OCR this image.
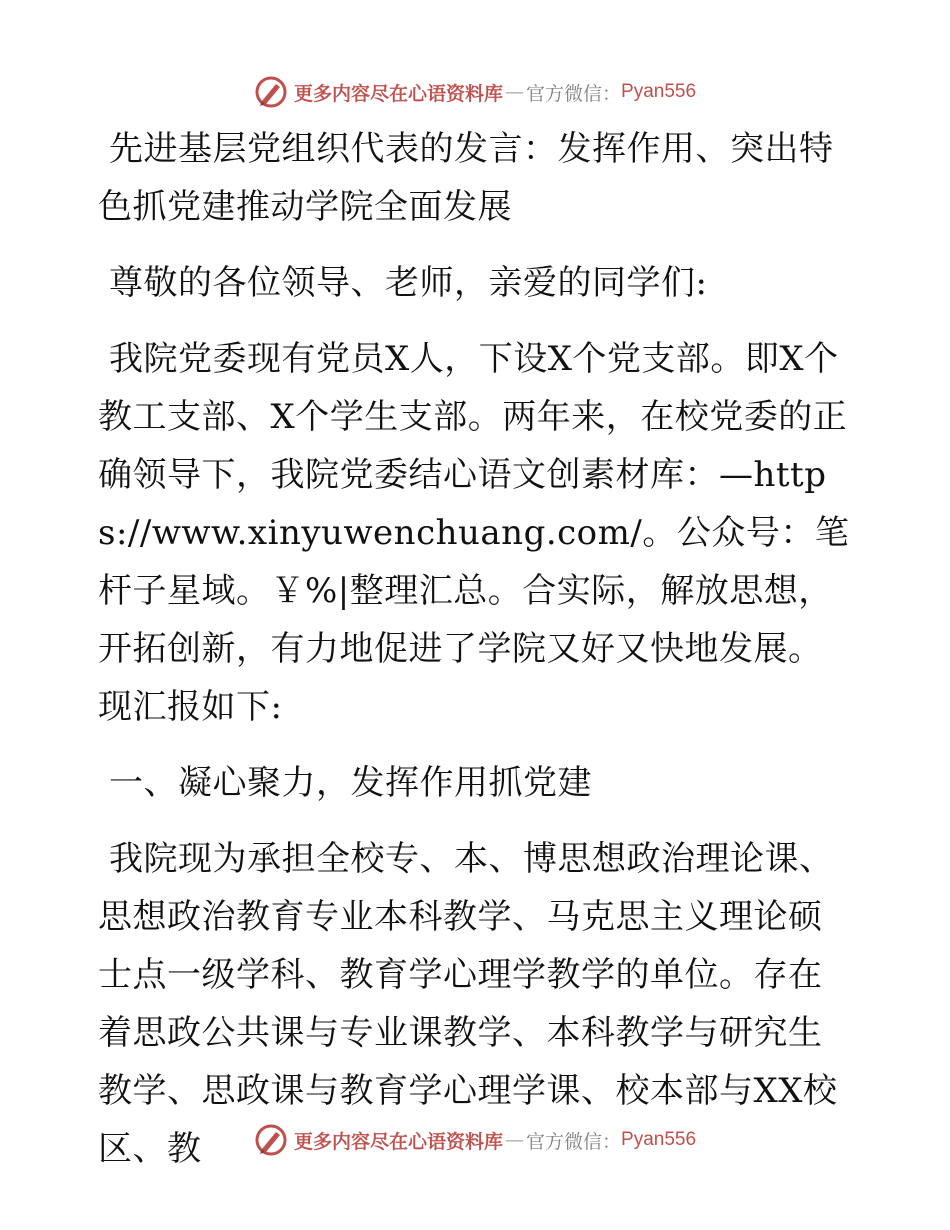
更多内容尽在心语资料库 — 官方微信 ： Pyan556

先进基层党组织代表的发言：发挥作用、突出特色抓党建推动学院全面发展

尊敬的各位领导、老师，亲爱的同学们:

我院党委现有党员X人，下设X个党支部。即X个教工支部、X个学生支部。两年来，在校党委的正确领导下，我院党委结心语文创素材库：—https://www.xinyuwenchuang.com/。公众号：笔杆子星域。￥%|整理汇总。合实际，解放思想，开拓创新，有力地促进了学院又好又快地发展。现汇报如下:

一、凝心聚力，发挥作用抓党建

我院现为承担全校专、本、博思想政治理论课、思想政治教育专业本科教学、马克思主义理论硕士点一级学科、教育学心理学教学的单位。存在着思政公共课与专业课教学、本科教学与研究生教学、思政课与教育学心理学课、校本部与XX校区、教	更多内容尽在心语资料库 — 官方微信 ： Pyan556
